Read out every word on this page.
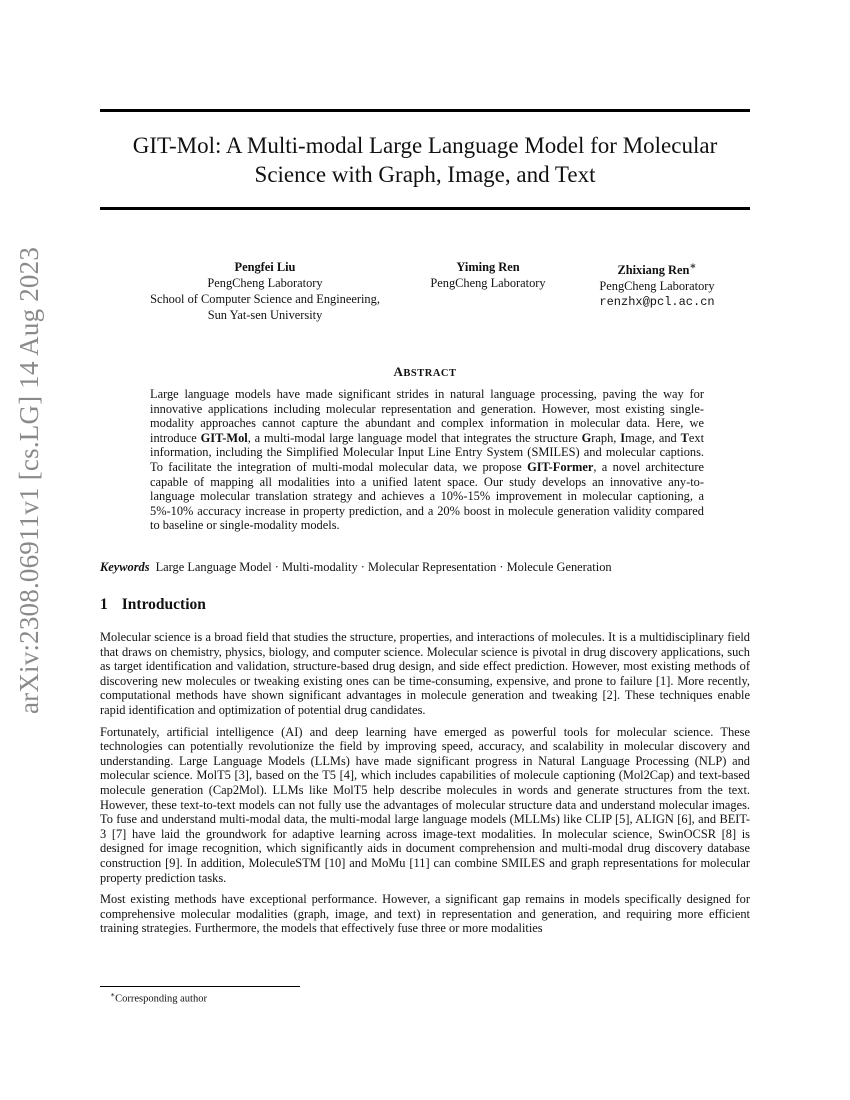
arXiv:2308.06911v1 [cs.LG] 14 Aug 2023
GIT-Mol: A Multi-modal Large Language Model for Molecular
Science with Graph, Image, and Text
Pengfei Liu
PengCheng Laboratory
School of Computer Science and Engineering,
Sun Yat-sen University
Yiming Ren
PengCheng Laboratory
Zhixiang Ren∗
PengCheng Laboratory
renzhx@pcl.ac.cn
ABSTRACT
Large language models have made significant strides in natural language processing, paving the way for innovative applications including molecular representation and generation. However, most existing single-modality approaches cannot capture the abundant and complex information in molecular data. Here, we introduce GIT-Mol, a multi-modal large language model that integrates the structure Graph, Image, and Text information, including the Simplified Molecular Input Line Entry System (SMILES) and molecular captions. To facilitate the integration of multi-modal molecular data, we propose GIT-Former, a novel architecture capable of mapping all modalities into a unified latent space. Our study develops an innovative any-to-language molecular translation strategy and achieves a 10%-15% improvement in molecular captioning, a 5%-10% accuracy increase in property prediction, and a 20% boost in molecule generation validity compared to baseline or single-modality models.
Keywords Large Language Model · Multi-modality · Molecular Representation · Molecule Generation
1 Introduction

Molecular science is a broad field that studies the structure, properties, and interactions of molecules. It is a multidisciplinary field that draws on chemistry, physics, biology, and computer science. Molecular science is pivotal in drug discovery applications, such as target identification and validation, structure-based drug design, and side effect prediction. However, most existing methods of discovering new molecules or tweaking existing ones can be time-consuming, expensive, and prone to failure [1]. More recently, computational methods have shown significant advantages in molecule generation and tweaking [2]. These techniques enable rapid identification and optimization of potential drug candidates.

Fortunately, artificial intelligence (AI) and deep learning have emerged as powerful tools for molecular science. These technologies can potentially revolutionize the field by improving speed, accuracy, and scalability in molecular discovery and understanding. Large Language Models (LLMs) have made significant progress in Natural Language Processing (NLP) and molecular science. MolT5 [3], based on the T5 [4], which includes capabilities of molecule captioning (Mol2Cap) and text-based molecule generation (Cap2Mol). LLMs like MolT5 help describe molecules in words and generate structures from the text. However, these text-to-text models can not fully use the advantages of molecular structure data and understand molecular images. To fuse and understand multi-modal data, the multi-modal large language models (MLLMs) like CLIP [5], ALIGN [6], and BEIT-3 [7] have laid the groundwork for adaptive learning across image-text modalities. In molecular science, SwinOCSR [8] is designed for image recognition, which significantly aids in document comprehension and multi-modal drug discovery database construction [9]. In addition, MoleculeSTM [10] and MoMu [11] can combine SMILES and graph representations for molecular property prediction tasks.

Most existing methods have exceptional performance. However, a significant gap remains in models specifically designed for comprehensive molecular modalities (graph, image, and text) in representation and generation, and requiring more efficient training strategies. Furthermore, the models that effectively fuse three or more modalities

∗Corresponding author
